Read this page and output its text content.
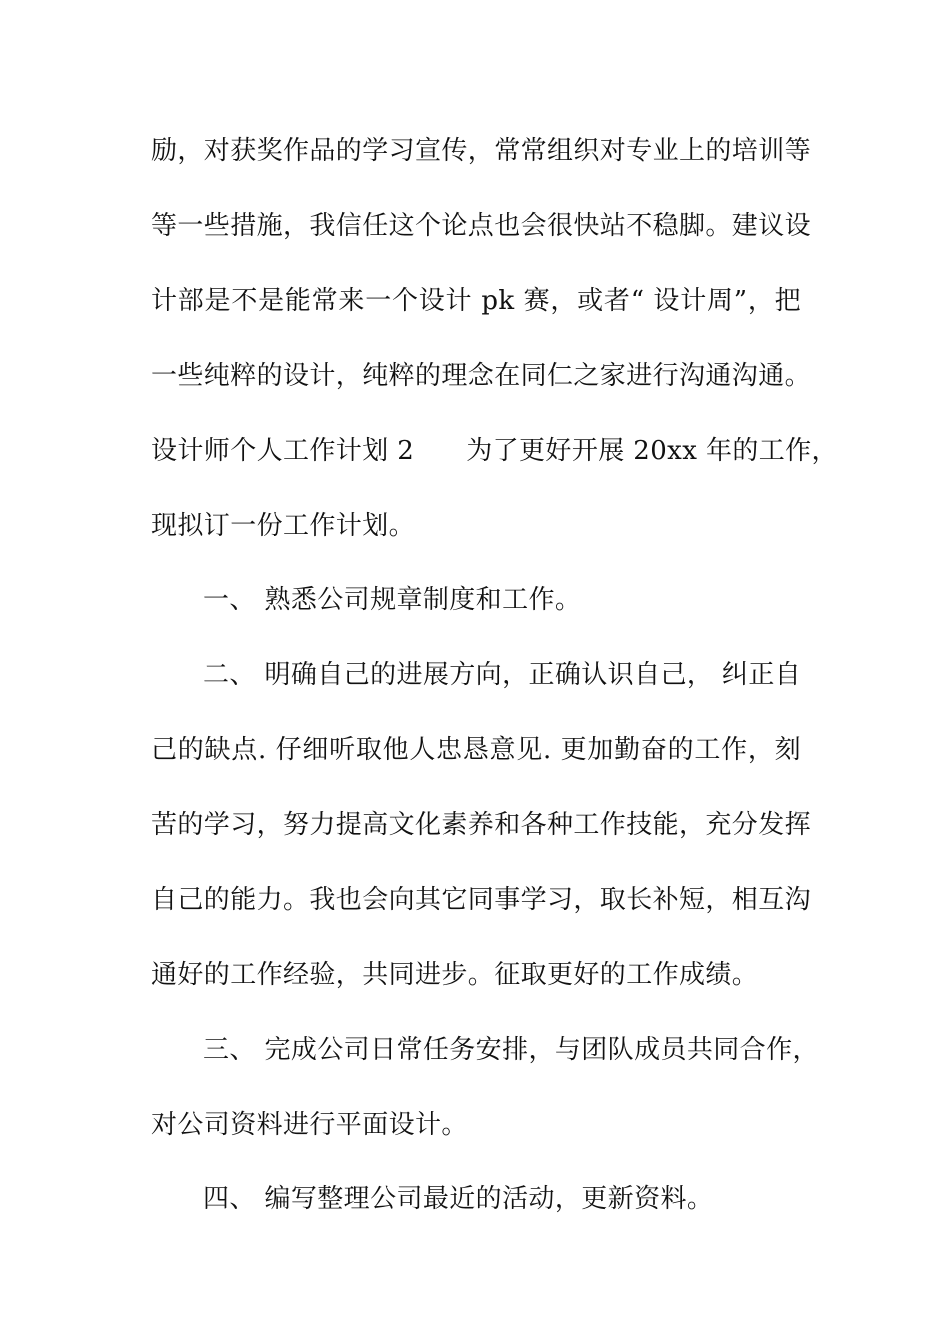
励，对获奖作品的学习宣传，常常组织对专业上的培训等
等一些措施，我信任这个论点也会很快站不稳脚。建议设
计部是不是能常来一个设计 pk 赛，或者“ 设计周”，把
一些纯粹的设计，纯粹的理念在同仁之家进行沟通沟通。
设计师个人工作计划 2 为了更好开展 20xx 年的工作，
现拟订一份工作计划。
一、 熟悉公司规章制度和工作。
二、 明确自己的进展方向，正确认识自己， 纠正自
己的缺点. 仔细听取他人忠恳意见. 更加勤奋的工作，刻
苦的学习，努力提高文化素养和各种工作技能，充分发挥
自己的能力。我也会向其它同事学习，取长补短，相互沟
通好的工作经验，共同进步。征取更好的工作成绩。
三、 完成公司日常任务安排，与团队成员共同合作，
对公司资料进行平面设计。
四、 编写整理公司最近的活动，更新资料。
